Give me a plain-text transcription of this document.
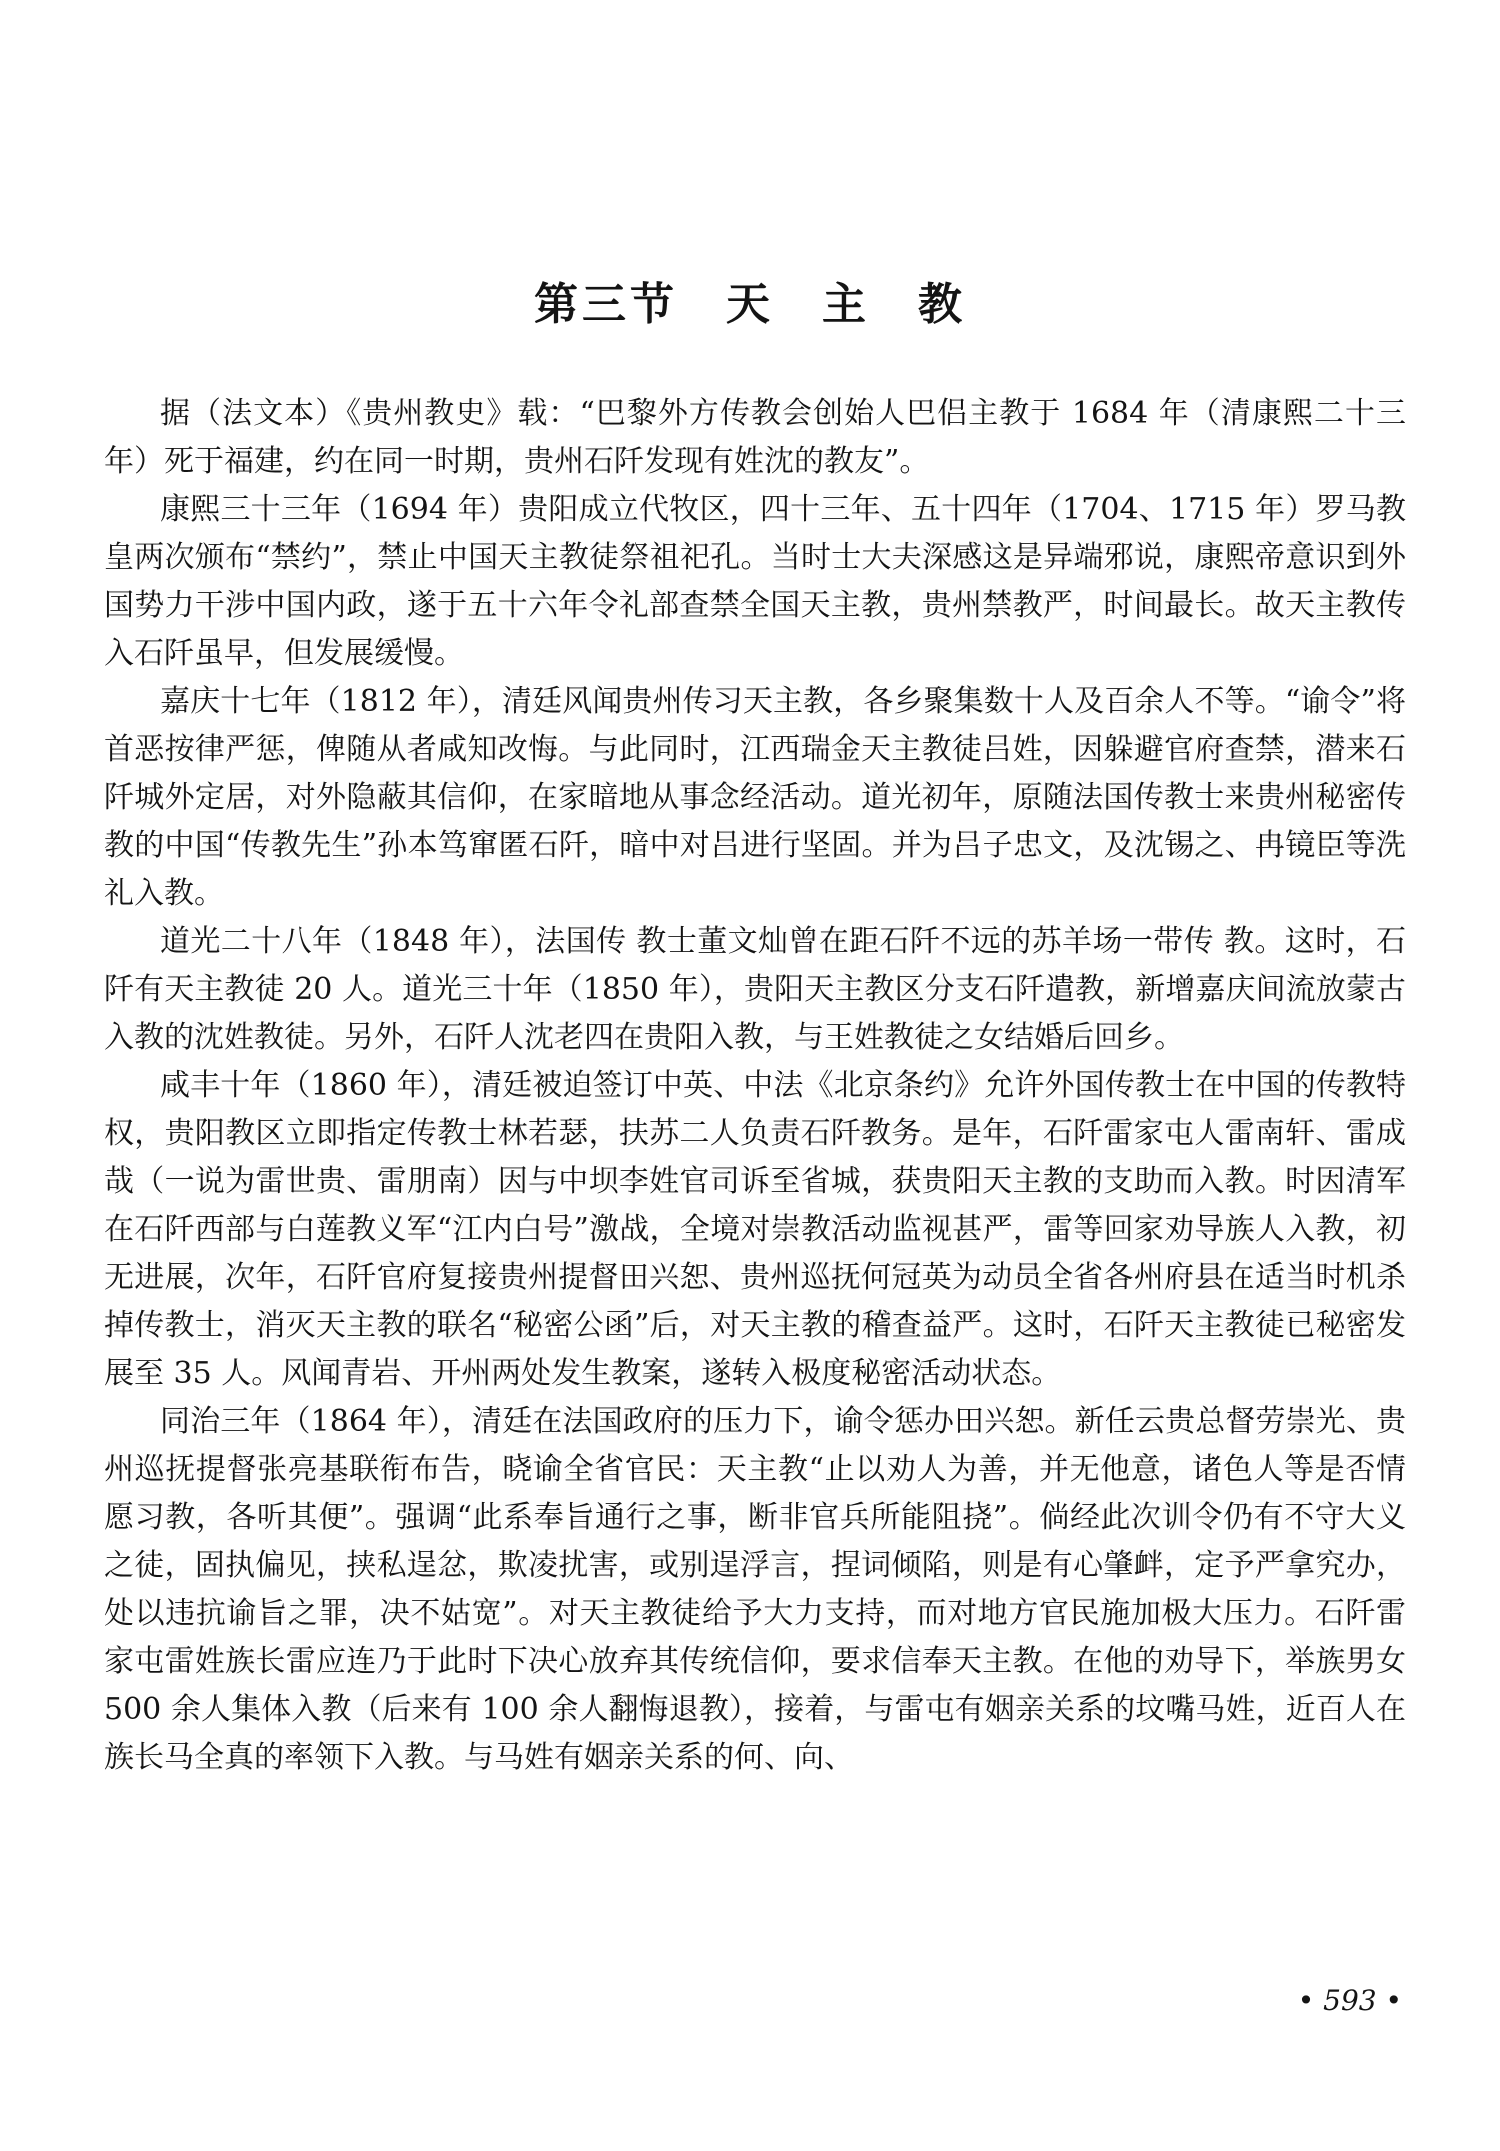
第三节　天　主　教

据（法文本）《贵州教史》载：“巴黎外方传教会创始人巴侣主教于 1684 年（清康熙二十三年）死于福建，约在同一时期，贵州石阡发现有姓沈的教友”。

康熙三十三年（1694 年）贵阳成立代牧区，四十三年、五十四年（1704、1715 年）罗马教皇两次颁布“禁约”，禁止中国天主教徒祭祖祀孔。当时士大夫深感这是异端邪说，康熙帝意识到外国势力干涉中国内政，遂于五十六年令礼部查禁全国天主教，贵州禁教严，时间最长。故天主教传入石阡虽早，但发展缓慢。

嘉庆十七年（1812 年），清廷风闻贵州传习天主教，各乡聚集数十人及百余人不等。“谕令”将首恶按律严惩，俾随从者咸知改悔。与此同时，江西瑞金天主教徒吕姓，因躲避官府查禁，潜来石阡城外定居，对外隐蔽其信仰，在家暗地从事念经活动。道光初年，原随法国传教士来贵州秘密传教的中国“传教先生”孙本笃窜匿石阡，暗中对吕进行坚固。并为吕子忠文，及沈锡之、冉镜臣等洗礼入教。

道光二十八年（1848 年），法国传 教士董文灿曾在距石阡不远的苏羊场一带传 教。这时，石阡有天主教徒 20 人。道光三十年（1850 年），贵阳天主教区分支石阡遣教，新增嘉庆间流放蒙古入教的沈姓教徒。另外，石阡人沈老四在贵阳入教，与王姓教徒之女结婚后回乡。

咸丰十年（1860 年），清廷被迫签订中英、中法《北京条约》允许外国传教士在中国的传教特权，贵阳教区立即指定传教士林若瑟，扶苏二人负责石阡教务。是年，石阡雷家屯人雷南轩、雷成哉（一说为雷世贵、雷朋南）因与中坝李姓官司诉至省城，获贵阳天主教的支助而入教。时因清军在石阡西部与白莲教义军“江内白号”激战，全境对崇教活动监视甚严，雷等回家劝导族人入教，初无进展，次年，石阡官府复接贵州提督田兴恕、贵州巡抚何冠英为动员全省各州府县在适当时机杀掉传教士，消灭天主教的联名“秘密公函”后，对天主教的稽查益严。这时，石阡天主教徒已秘密发展至 35 人。风闻青岩、开州两处发生教案，遂转入极度秘密活动状态。

同治三年（1864 年），清廷在法国政府的压力下，谕令惩办田兴恕。新任云贵总督劳崇光、贵州巡抚提督张亮基联衔布告，晓谕全省官民：天主教“止以劝人为善，并无他意，诸色人等是否情愿习教，各听其便”。强调“此系奉旨通行之事，断非官兵所能阻挠”。倘经此次训令仍有不守大义之徒，固执偏见，挟私逞忿，欺凌扰害，或别逞浮言，捏词倾陷，则是有心肇衅，定予严拿究办，处以违抗谕旨之罪，决不姑宽”。对天主教徒给予大力支持，而对地方官民施加极大压力。石阡雷家屯雷姓族长雷应连乃于此时下决心放弃其传统信仰，要求信奉天主教。在他的劝导下，举族男女 500 余人集体入教（后来有 100 余人翻悔退教），接着，与雷屯有姻亲关系的坟嘴马姓，近百人在族长马全真的率领下入教。与马姓有姻亲关系的何、向、

• 593 •
